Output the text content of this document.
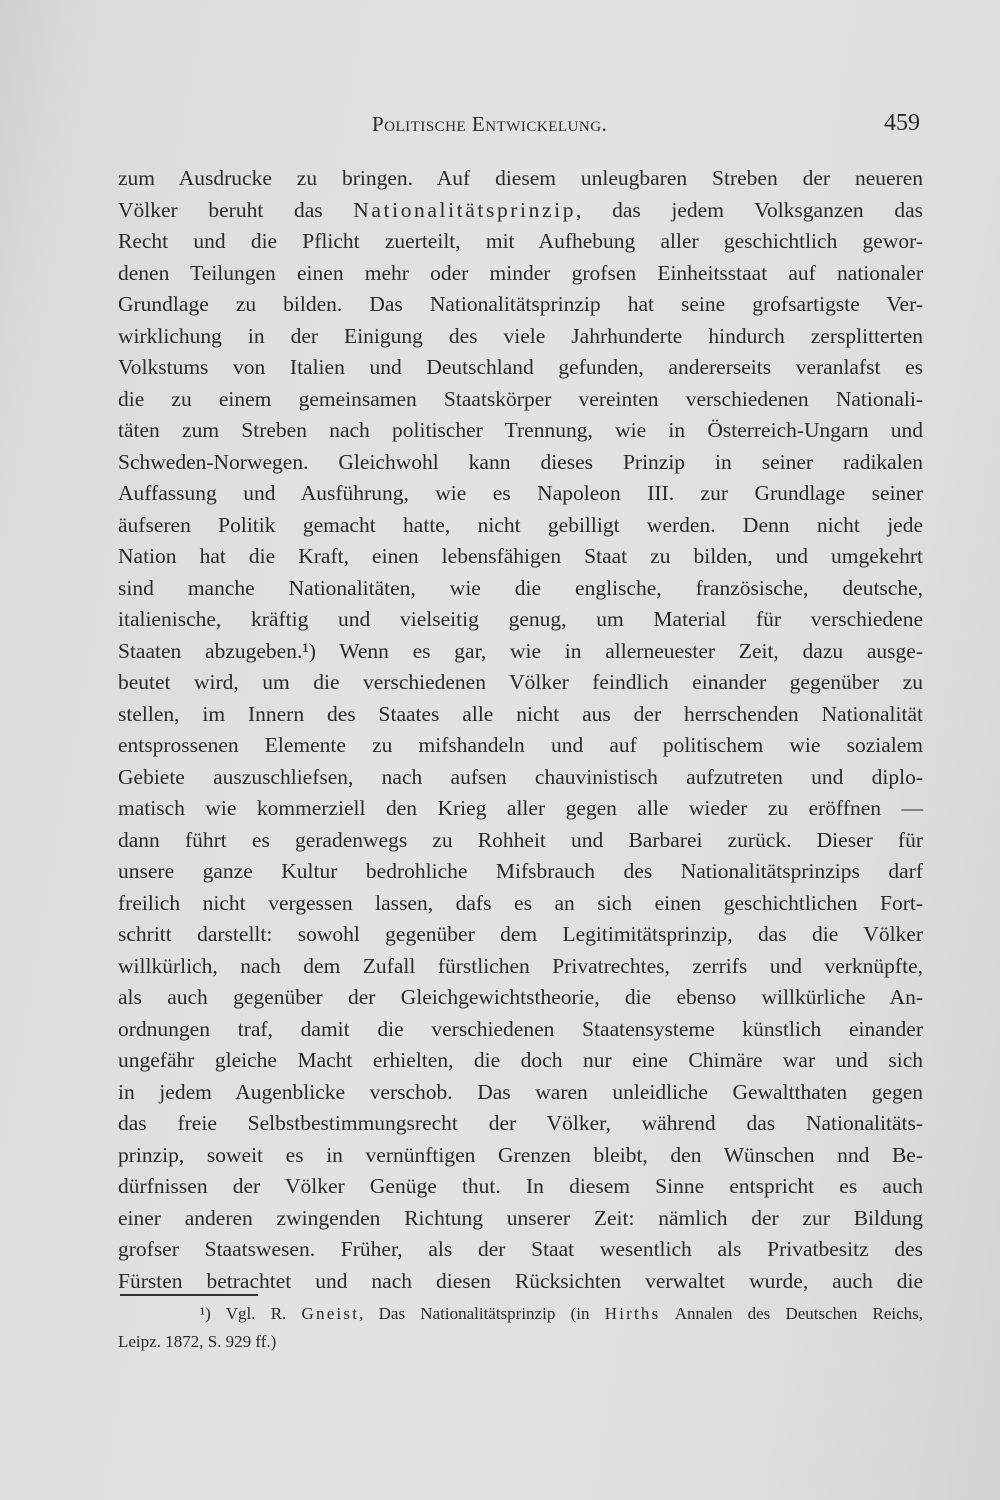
Politische Entwickelung.	459
zum Ausdrucke zu bringen. Auf diesem unleugbaren Streben der neueren
Völker beruht das Nationalitätsprinzip, das jedem Volksganzen das
Recht und die Pflicht zuerteilt, mit Aufhebung aller geschichtlich gewor-
denen Teilungen einen mehr oder minder grofsen Einheitsstaat auf nationaler
Grundlage zu bilden. Das Nationalitätsprinzip hat seine grofsartigste Ver-
wirklichung in der Einigung des viele Jahrhunderte hindurch zersplitterten
Volkstums von Italien und Deutschland gefunden, andererseits veranlafst es
die zu einem gemeinsamen Staatskörper vereinten verschiedenen Nationali-
täten zum Streben nach politischer Trennung, wie in Österreich-Ungarn und
Schweden-Norwegen. Gleichwohl kann dieses Prinzip in seiner radikalen
Auffassung und Ausführung, wie es Napoleon III. zur Grundlage seiner
äufseren Politik gemacht hatte, nicht gebilligt werden. Denn nicht jede
Nation hat die Kraft, einen lebensfähigen Staat zu bilden, und umgekehrt
sind manche Nationalitäten, wie die englische, französische, deutsche,
italienische, kräftig und vielseitig genug, um Material für verschiedene
Staaten abzugeben.¹) Wenn es gar, wie in allerneuester Zeit, dazu ausge-
beutet wird, um die verschiedenen Völker feindlich einander gegenüber zu
stellen, im Innern des Staates alle nicht aus der herrschenden Nationalität
entsprossenen Elemente zu mifshandeln und auf politischem wie sozialem
Gebiete auszuschliefsen, nach aufsen chauvinistisch aufzutreten und diplo-
matisch wie kommerziell den Krieg aller gegen alle wieder zu eröffnen —
dann führt es geradenwegs zu Rohheit und Barbarei zurück. Dieser für
unsere ganze Kultur bedrohliche Mifsbrauch des Nationalitätsprinzips darf
freilich nicht vergessen lassen, dafs es an sich einen geschichtlichen Fort-
schritt darstellt: sowohl gegenüber dem Legitimitätsprinzip, das die Völker
willkürlich, nach dem Zufall fürstlichen Privatrechtes, zerrifs und verknüpfte,
als auch gegenüber der Gleichgewichtstheorie, die ebenso willkürliche An-
ordnungen traf, damit die verschiedenen Staatensysteme künstlich einander
ungefähr gleiche Macht erhielten, die doch nur eine Chimäre war und sich
in jedem Augenblicke verschob. Das waren unleidliche Gewaltthaten gegen
das freie Selbstbestimmungsrecht der Völker, während das Nationalitäts-
prinzip, soweit es in vernünftigen Grenzen bleibt, den Wünschen nnd Be-
dürfnissen der Völker Genüge thut. In diesem Sinne entspricht es auch
einer anderen zwingenden Richtung unserer Zeit: nämlich der zur Bildung
grofser Staatswesen. Früher, als der Staat wesentlich als Privatbesitz des
Fürsten betrachtet und nach diesen Rücksichten verwaltet wurde, auch die
¹) Vgl. R. Gneist, Das Nationalitätsprinzip (in Hirths Annalen des Deutschen Reichs,
Leipz. 1872, S. 929 ff.)
